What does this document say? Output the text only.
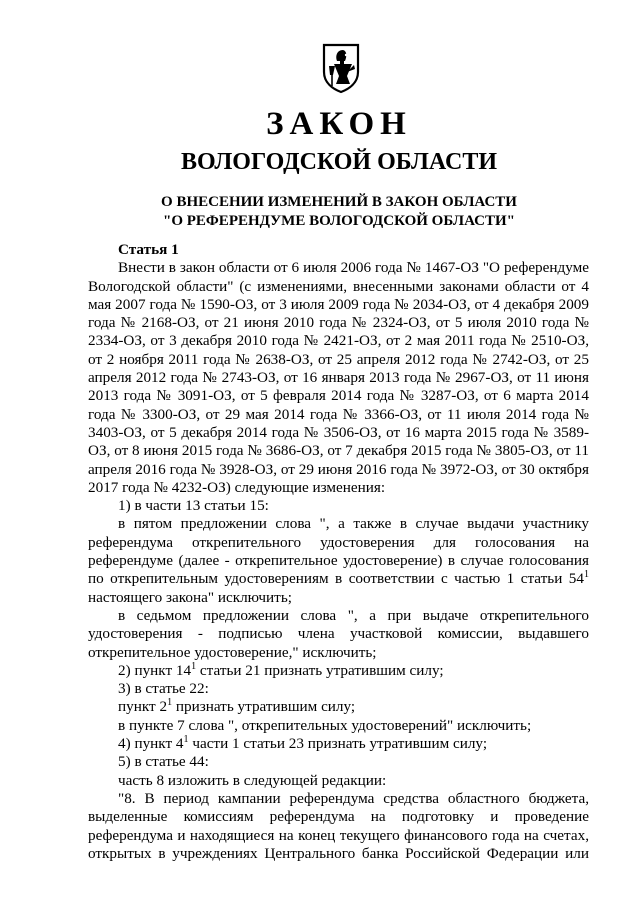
ЗАКОН
ВОЛОГОДСКОЙ ОБЛАСТИ
О ВНЕСЕНИИ ИЗМЕНЕНИЙ В ЗАКОН ОБЛАСТИ
"О РЕФЕРЕНДУМЕ ВОЛОГОДСКОЙ ОБЛАСТИ"

Статья 1

Внести в закон области от 6 июля 2006 года № 1467-ОЗ "О референдуме Вологодской области" (с изменениями, внесенными законами области от 4 мая 2007 года № 1590-ОЗ, от 3 июля 2009 года № 2034-ОЗ, от 4 декабря 2009 года № 2168-ОЗ, от 21 июня 2010 года № 2324-ОЗ, от 5 июля 2010 года № 2334-ОЗ, от 3 декабря 2010 года № 2421-ОЗ, от 2 мая 2011 года № 2510-ОЗ, от 2 ноября 2011 года № 2638-ОЗ, от 25 апреля 2012 года № 2742-ОЗ, от 25 апреля 2012 года № 2743-ОЗ, от 16 января 2013 года № 2967-ОЗ, от 11 июня 2013 года № 3091-ОЗ, от 5 февраля 2014 года № 3287-ОЗ, от 6 марта 2014 года № 3300-ОЗ, от 29 мая 2014 года № 3366-ОЗ, от 11 июля 2014 года № 3403-ОЗ, от 5 декабря 2014 года № 3506-ОЗ, от 16 марта 2015 года № 3589-ОЗ, от 8 июня 2015 года № 3686-ОЗ, от 7 декабря 2015 года № 3805-ОЗ, от 11 апреля 2016 года № 3928-ОЗ, от 29 июня 2016 года № 3972-ОЗ, от 30 октября 2017 года № 4232-ОЗ) следующие изменения:

1) в части 13 статьи 15:

в пятом предложении слова ", а также в случае выдачи участнику референдума открепительного удостоверения для голосования на референдуме (далее - открепительное удостоверение) в случае голосования по открепительным удостоверениям в соответствии с частью 1 статьи $54^1$ настоящего закона" исключить;

в седьмом предложении слова ", а при выдаче открепительного удостоверения - подписью члена участковой комиссии, выдавшего открепительное удостоверение," исключить;

2) пункт $14^1$ статьи 21 признать утратившим силу;

3) в статье 22:

пункт $2^1$ признать утратившим силу;

в пункте 7 слова ", открепительных удостоверений" исключить;

4) пункт $4^1$ части 1 статьи 23 признать утратившим силу;

5) в статье 44:

часть 8 изложить в следующей редакции:

"8. В период кампании референдума средства областного бюджета, выделенные комиссиям референдума на подготовку и проведение референдума и находящиеся на конец текущего финансового года на счетах, открытых в учреждениях Центрального банка Российской Федерации или
